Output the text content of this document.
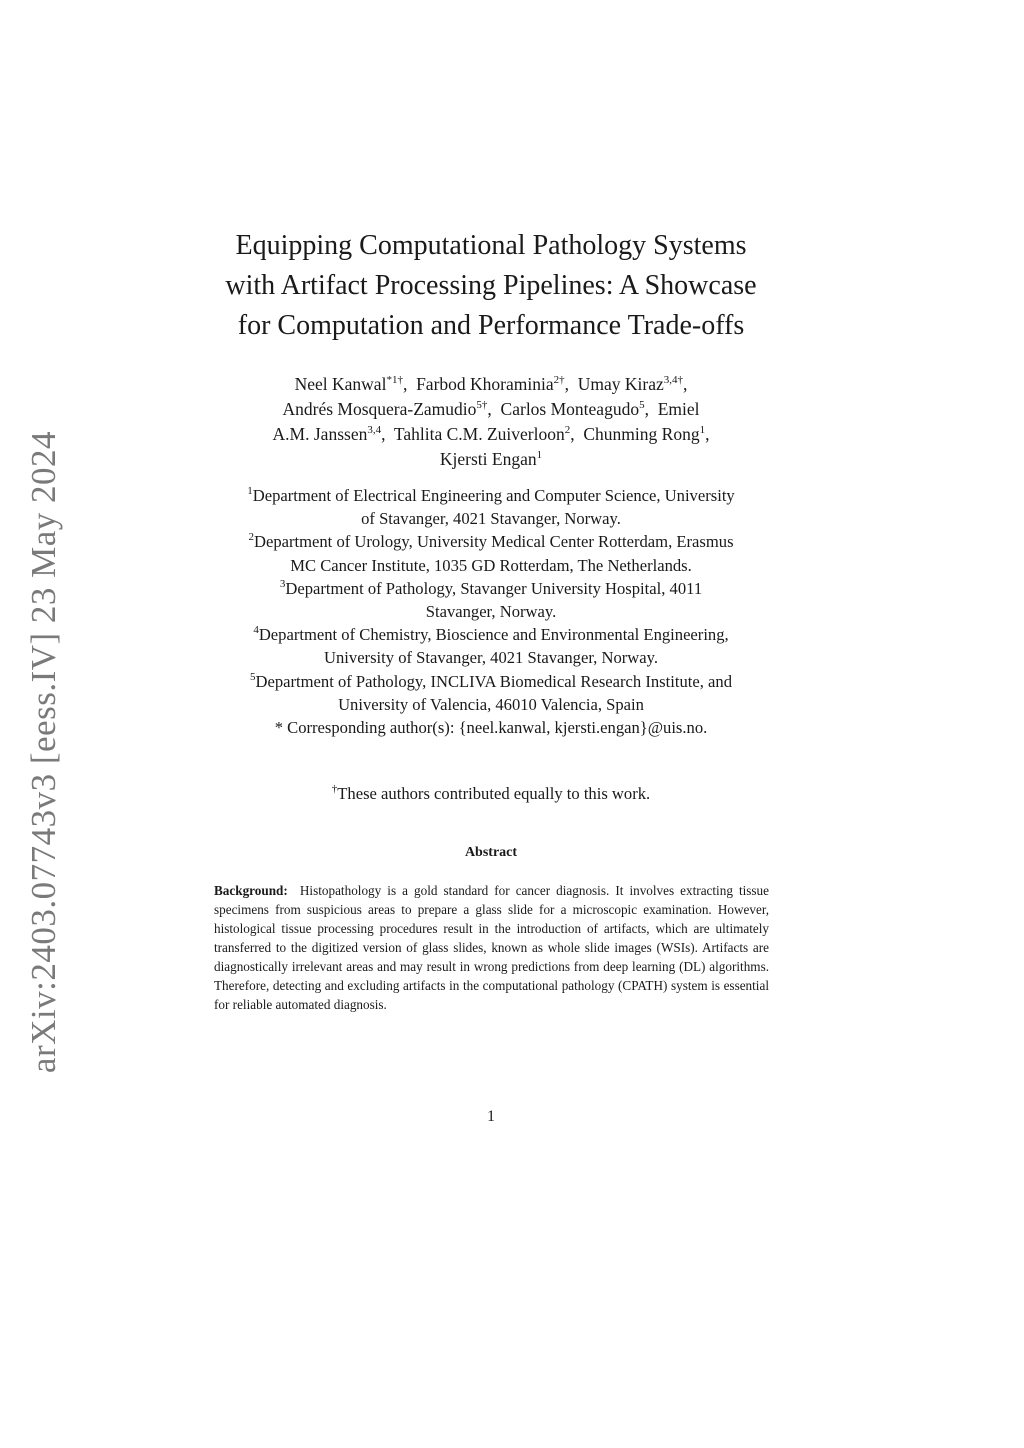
arXiv:2403.07743v3 [eess.IV] 23 May 2024
Equipping Computational Pathology Systems
with Artifact Processing Pipelines: A Showcase
for Computation and Performance Trade-offs
Neel Kanwal$^{*1\dagger}$,  Farbod Khoraminia$^{2\dagger}$,  Umay Kiraz$^{3,4\dagger}$,
Andrés Mosquera-Zamudio$^{5\dagger}$,  Carlos Monteagudo$^5$,  Emiel
A.M. Janssen$^{3,4}$,  Tahlita C.M. Zuiverloon$^2$,  Chunming Rong$^1$,
Kjersti Engan$^1$
$^1$Department of Electrical Engineering and Computer Science, University
of Stavanger, 4021 Stavanger, Norway.
$^2$Department of Urology, University Medical Center Rotterdam, Erasmus
MC Cancer Institute, 1035 GD Rotterdam, The Netherlands.
$^3$Department of Pathology, Stavanger University Hospital, 4011
Stavanger, Norway.
$^4$Department of Chemistry, Bioscience and Environmental Engineering,
University of Stavanger, 4021 Stavanger, Norway.
$^5$Department of Pathology, INCLIVA Biomedical Research Institute, and
University of Valencia, 46010 Valencia, Spain
* Corresponding author(s): {neel.kanwal, kjersti.engan}@uis.no.
†These authors contributed equally to this work.
Abstract

Background: Histopathology is a gold standard for cancer diagnosis. It involves extracting tissue specimens from suspicious areas to prepare a glass slide for a microscopic examination. However, histological tissue processing procedures result in the introduction of artifacts, which are ultimately transferred to the digitized version of glass slides, known as whole slide images (WSIs). Artifacts are diagnostically irrelevant areas and may result in wrong predictions from deep learning (DL) algorithms. Therefore, detecting and excluding artifacts in the computational pathology (CPATH) system is essential for reliable automated diagnosis.

1
